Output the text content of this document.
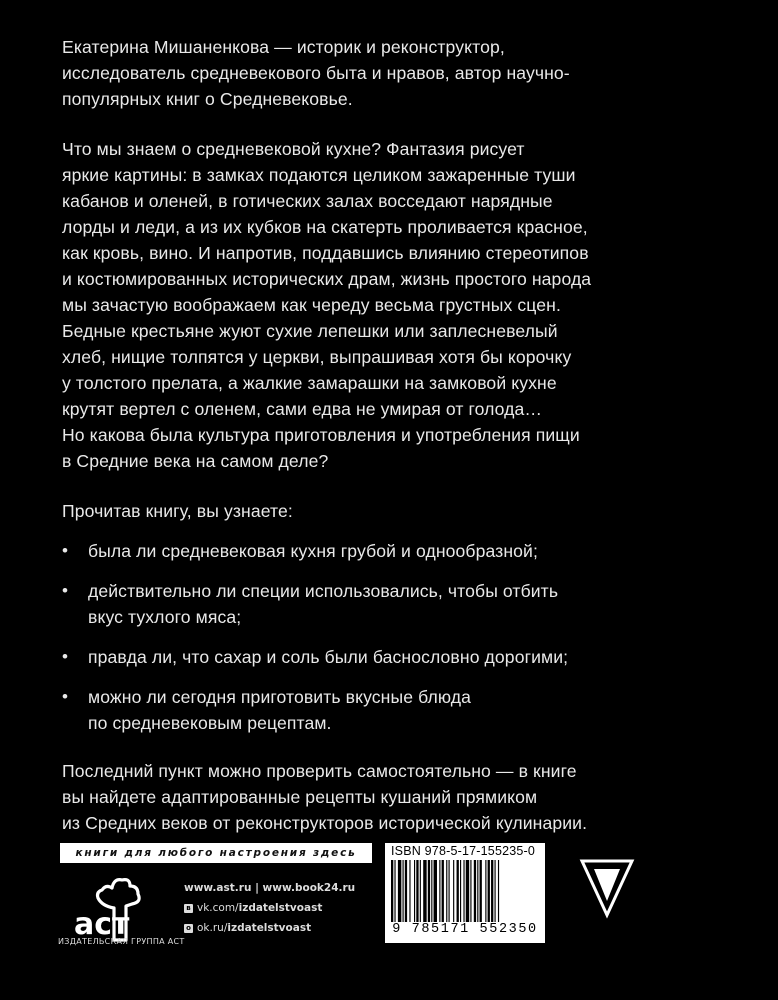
Екатерина Мишаненкова — историк и реконструктор,
исследователь средневекового быта и нравов, автор научно-
популярных книг о Средневековье.

Что мы знаем о средневековой кухне? Фантазия рисует
яркие картины: в замках подаются целиком зажаренные туши
кабанов и оленей, в готических залах восседают нарядные
лорды и леди, а из их кубков на скатерть проливается красное,
как кровь, вино. И напротив, поддавшись влиянию стереотипов
и костюмированных исторических драм, жизнь простого народа
мы зачастую воображаем как череду весьма грустных сцен.
Бедные крестьяне жуют сухие лепешки или заплесневелый
хлеб, нищие толпятся у церкви, выпрашивая хотя бы корочку
у толстого прелата, а жалкие замарашки на замковой кухне
крутят вертел с оленем, сами едва не умирая от голода…
Но какова была культура приготовления и употребления пищи
в Средние века на самом деле?

Прочитав книгу, вы узнаете:

• была ли средневековая кухня грубой и однообразной;
• действительно ли специи использовались, чтобы отбить
вкус тухлого мяса;
• правда ли, что сахар и соль были баснословно дорогими;
• можно ли сегодня приготовить вкусные блюда
по средневековым рецептам.

Последний пункт можно проверить самостоятельно — в книге
вы найдете адаптированные рецепты кушаний прямиком
из Средних веков от реконструкторов исторической кулинарии.

книги для любого настроения здесь
аст
ИЗДАТЕЛЬСКАЯ ГРУППА АСТ
www.ast.ru | www.book24.ru
в vk.com/ izdatelstvoast
о ok.ru/ izdatelstvoast
ISBN 978-5-17-155235-0
9 785171 552350
